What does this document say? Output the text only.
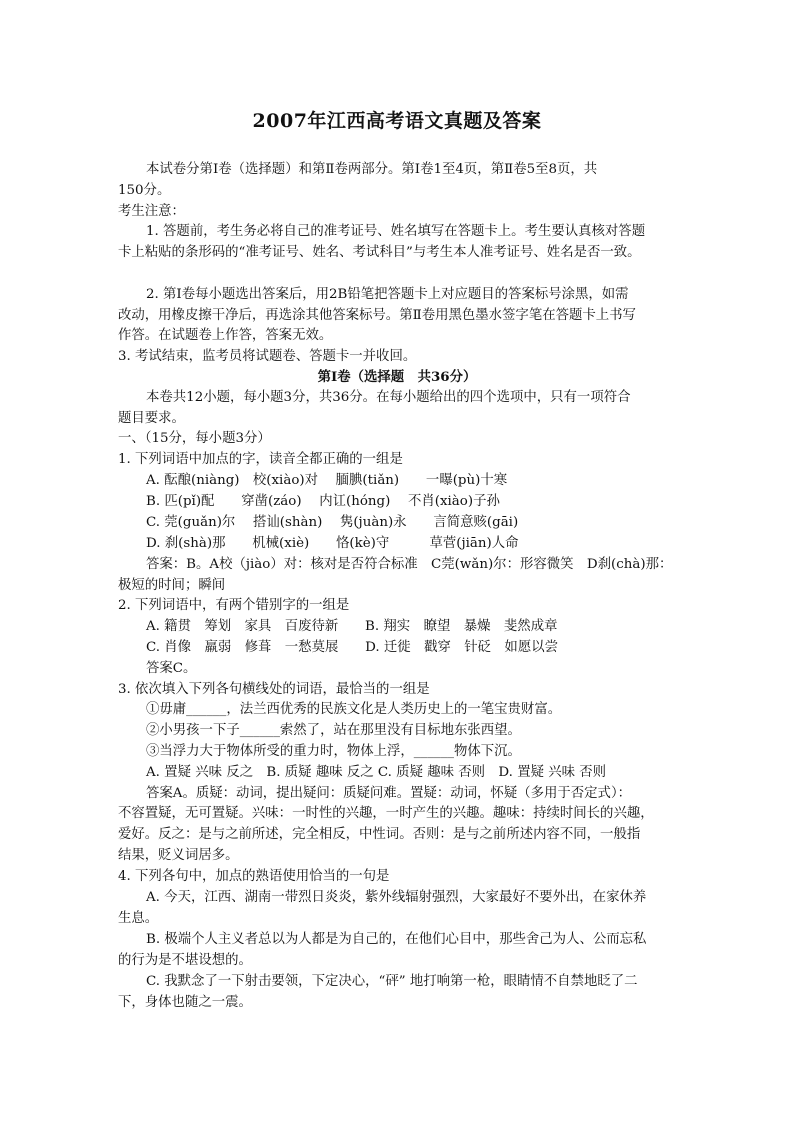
2007年江西高考语文真题及答案
本试卷分第Ⅰ卷（选择题）和第Ⅱ卷两部分。第Ⅰ卷1至4页，第Ⅱ卷5至8页，共
150分。
考生注意：
1. 答题前，考生务必将自己的准考证号、姓名填写在答题卡上。考生要认真核对答题
卡上粘贴的条形码的“准考证号、姓名、考试科目”与考生本人准考证号、姓名是否一致。
2. 第Ⅰ卷每小题选出答案后，用2B铅笔把答题卡上对应题目的答案标号涂黑，如需
改动，用橡皮擦干净后，再选涂其他答案标号。第Ⅱ卷用黑色墨水签字笔在答题卡上书写
作答。在试题卷上作答，答案无效。
3. 考试结束，监考员将试题卷、答题卡一并收回。
第Ⅰ卷（选择题　共36分）
本卷共12小题，每小题3分，共36分。在每小题给出的四个选项中，只有一项符合
题目要求。
一、（15分，每小题3分）
1. 下列词语中加点的字，读音全都正确的一组是
A. 酝酿(niàng)　校(xiào)对　 腼腆(tiǎn)　　一曝(pù)十寒
B. 匹(pǐ)配　　穿凿(záo)　 内讧(hóng)　 不肖(xiào)子孙
C. 莞(guǎn)尔　 搭讪(shàn)　 隽(juàn)永　　言简意赅(gāi)
D. 刹(shà)那　　机械(xiè)　　恪(kè)守　　　草菅(jiān)人命
答案：B。A校（jiào）对：核对是否符合标准　C莞(wǎn)尔：形容微笑　D刹(chà)那：
极短的时间；瞬间
2. 下列词语中，有两个错别字的一组是
A. 籍贯　筹划　家具　百废待新　　B. 翔实　瞭望　暴燥　斐然成章
C. 肖像　羸弱　修葺　一愁莫展　　D. 迁徙　戳穿　针砭　如愿以尝
答案C。
3. 依次填入下列各句横线处的词语，最恰当的一组是
①毋庸______，法兰西优秀的民族文化是人类历史上的一笔宝贵财富。
②小男孩一下子______索然了，站在那里没有目标地东张西望。
③当浮力大于物体所受的重力时，物体上浮，______物体下沉。
A. 置疑 兴味 反之　B. 质疑 趣味 反之 C. 质疑 趣味 否则　D. 置疑 兴味 否则
答案A。质疑：动词，提出疑问：质疑问难。置疑：动词，怀疑（多用于否定式）：
不容置疑，无可置疑。兴味：一时性的兴趣，一时产生的兴趣。趣味：持续时间长的兴趣，
爱好。反之：是与之前所述，完全相反，中性词。否则：是与之前所述内容不同，一般指
结果，贬义词居多。
4. 下列各句中，加点的熟语使用恰当的一句是
A. 今天，江西、湖南一带烈日炎炎，紫外线辐射强烈，大家最好不要外出，在家休养
生息。
B. 极端个人主义者总以为人都是为自己的，在他们心目中，那些舍己为人、公而忘私
的行为是不堪设想的。
C. 我默念了一下射击要领，下定决心，“砰” 地打响第一枪，眼睛情不自禁地眨了二
下，身体也随之一震。
